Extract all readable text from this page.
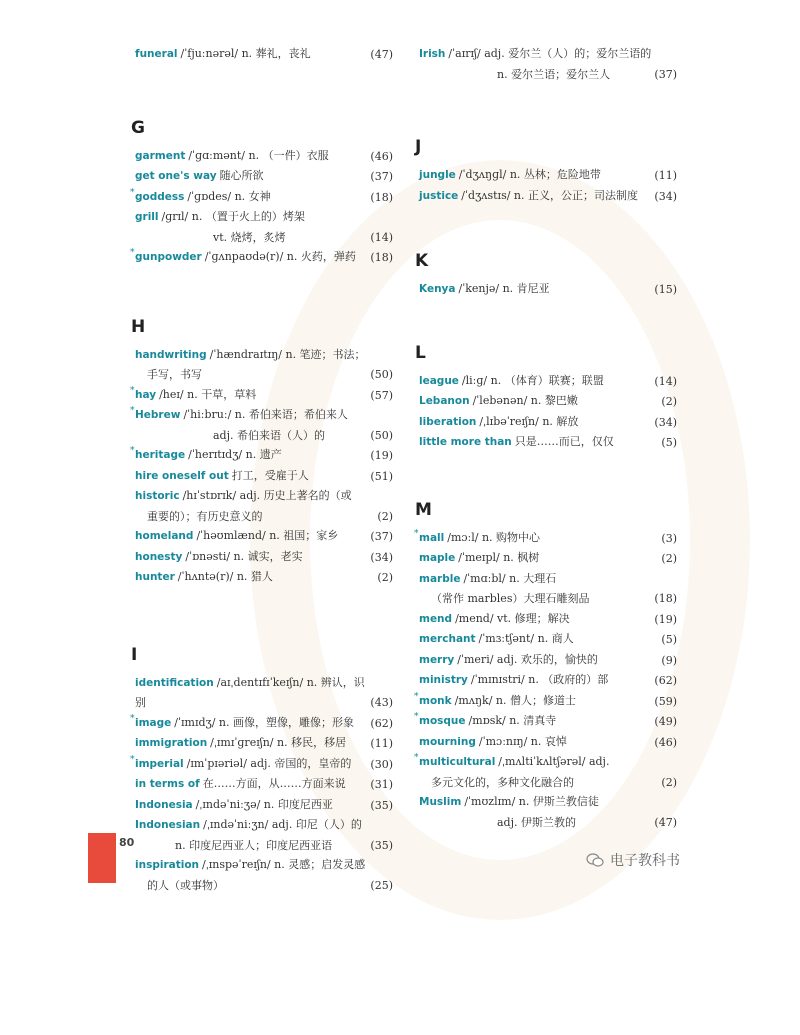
funeral /ˈfjuːnərəl/ n. 葬礼，丧礼	(47)
G
garment /ˈɡɑːmənt/ n. （一件）衣服	(46)
get one's way 随心所欲	(37)
* goddess /ˈɡɒdes/ n. 女神	(18)
grill /ɡrɪl/ n. （置于火上的）烤架
vt. 烧烤，炙烤	(14)
* gunpowder /ˈɡʌnpaʊdə(r)/ n. 火药，弹药 (18)
H
handwriting /ˈhændraɪtɪŋ/ n. 笔迹；书法；
手写，书写	(50)
* hay /heɪ/ n. 干草，草料	(57)
* Hebrew /ˈhiːbruː/ n. 希伯来语；希伯来人
adj. 希伯来语（人）的	(50)
* heritage /ˈherɪtɪdʒ/ n. 遗产	(19)
hire oneself out 打工，受雇于人	(51)
historic /hɪˈstɒrɪk/ adj. 历史上著名的（或
重要的）；有历史意义的	(2)
homeland /ˈhəʊmlænd/ n. 祖国；家乡	(37)
honesty /ˈɒnəsti/ n. 诚实，老实	(34)
hunter /ˈhʌntə(r)/ n. 猎人	(2)
I
identification /aɪˌdentɪfɪˈkeɪʃn/ n. 辨认，识别	(43)
* image /ˈɪmɪdʒ/ n. 画像，塑像，雕像；形象 (62)
immigration /ˌɪmɪˈɡreɪʃn/ n. 移民，移居 (11)
* imperial /ɪmˈpɪəriəl/ adj. 帝国的，皇帝的 (30)
in terms of 在……方面，从……方面来说 (31)
Indonesia /ˌɪndəˈniːʒə/ n. 印度尼西亚	(35)
Indonesian /ˌɪndəˈniːʒn/ adj. 印尼（人）的
n. 印度尼西亚人；印度尼西亚语	(35)
inspiration /ˌɪnspəˈreɪʃn/ n. 灵感；启发灵感
的人（或事物）	(25)
Irish /ˈaɪrɪʃ/ adj. 爱尔兰（人）的；爱尔兰语的
n. 爱尔兰语；爱尔兰人	(37)
J
jungle /ˈdʒʌŋɡl/ n. 丛林；危险地带	(11)
justice /ˈdʒʌstɪs/ n. 正义，公正；司法制度 (34)
K
Kenya /ˈkenjə/ n. 肯尼亚	(15)
L
league /liːɡ/ n. （体育）联赛；联盟	(14)
Lebanon /ˈlebənən/ n. 黎巴嫩	(2)
liberation /ˌlɪbəˈreɪʃn/ n. 解放	(34)
little more than 只是……而已，仅仅	(5)
M
* mall /mɔːl/ n. 购物中心	(3)
maple /ˈmeɪpl/ n. 枫树	(2)
marble /ˈmɑːbl/ n. 大理石
（常作 marbles）大理石雕刻品	(18)
mend /mend/ vt. 修理；解决	(19)
merchant /ˈmɜːtʃənt/ n. 商人	(5)
merry /ˈmeri/ adj. 欢乐的，愉快的	(9)
ministry /ˈmɪnɪstri/ n. （政府的）部	(62)
* monk /mʌŋk/ n. 僧人；修道士	(59)
* mosque /mɒsk/ n. 清真寺	(49)
mourning /ˈmɔːnɪŋ/ n. 哀悼	(46)
* multicultural /ˌmʌltiˈkʌltʃərəl/ adj.
多元文化的，多种文化融合的	(2)
Muslim /ˈmʊzlɪm/ n. 伊斯兰教信徒
adj. 伊斯兰教的	(47)
80
电子教科书
